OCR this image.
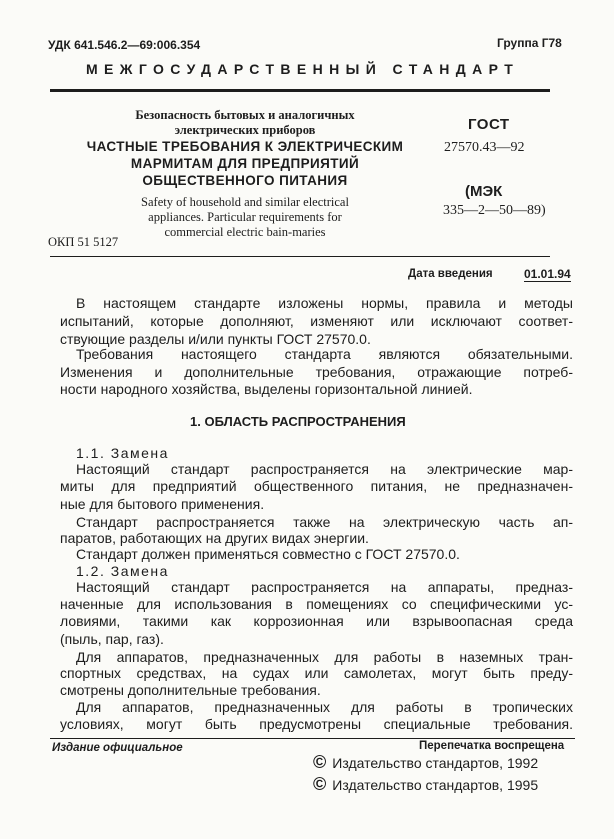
УДК 641.546.2—69:006.354	Группа Г78
МЕЖГОСУДАРСТВЕННЫЙ СТАНДАРТ
Безопасность бытовых и аналогичных
электрических приборов
ЧАСТНЫЕ ТРЕБОВАНИЯ К ЭЛЕКТРИЧЕСКИМ
МАРМИТАМ ДЛЯ ПРЕДПРИЯТИЙ
ОБЩЕСТВЕННОГО ПИТАНИЯ
Safety of household and similar electrical
appliances. Particular requirements for
commercial electric bain-maries
ОКП 51 5127
ГОСТ
27570.43—92
(МЭК
335—2—50—89)
Дата введения	01.01.94
В настоящем стандарте изложены нормы, правила и методы
испытаний, которые дополняют, изменяют или исключают соответ-
ствующие разделы и/или пункты ГОСТ 27570.0.
Требования настоящего стандарта являются обязательными.
Изменения и дополнительные требования, отражающие потреб-
ности народного хозяйства, выделены горизонтальной линией.
1. ОБЛАСТЬ РАСПРОСТРАНЕНИЯ
1.1. Замена
Настоящий стандарт распространяется на электрические мар-
миты для предприятий общественного питания, не предназначен-
ные для бытового применения.
Стандарт распространяется также на электрическую часть ап-
паратов, работающих на других видах энергии.
Стандарт должен применяться совместно с ГОСТ 27570.0.
1.2. Замена
Настоящий стандарт распространяется на аппараты, предназ-
наченные для использования в помещениях со специфическими ус-
ловиями, такими как коррозионная или взрывоопасная среда
(пыль, пар, газ).
Для аппаратов, предназначенных для работы в наземных тран-
спортных средствах, на судах или самолетах, могут быть преду-
смотрены дополнительные требования.
Для аппаратов, предназначенных для работы в тропических
условиях, могут быть предусмотрены специальные требования.
Издание официальное	Перепечатка воспрещена
© Издательство стандартов, 1992
© Издательство стандартов, 1995
